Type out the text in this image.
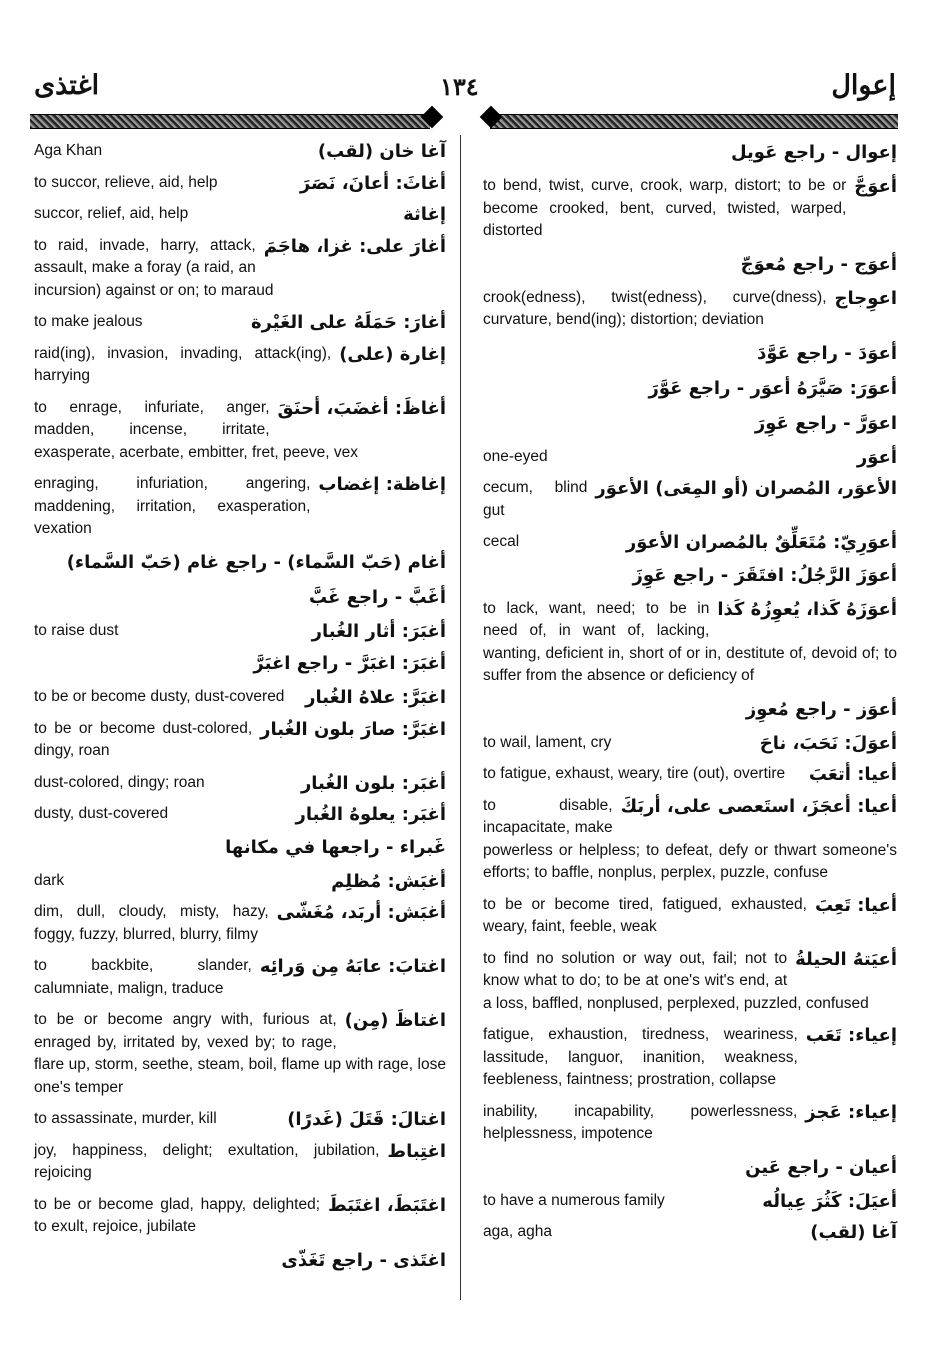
اغتذى	١٣٤	إعوال
آغا خان (لقب)
Aga Khan
أغاثَ: أعانَ، نَصَرَ
to succor, relieve, aid, help
إغاثة
succor, relief, aid, help
أغارَ على: غزا، هاجَمَ
to raid, invade, harry, attack, assault, make a foray (a raid, an incursion) against or on; to maraud
أغارَ: حَمَلَهُ على الغَيْرة
to make jealous
إغارة (على)
raid(ing), invasion, invading, attack(ing), harrying
أغاظَ: أغضَبَ، أحنَقَ
to enrage, infuriate, anger, madden, incense, irritate, exasperate, acerbate, embitter, fret, peeve, vex
إغاظة: إغضاب
enraging, infuriation, angering, maddening, irritation, exasperation, vexation
أغام (حَبّ السَّماء) - راجع غام (حَبّ السَّماء)
أغَبَّ - راجع غَبَّ
أغبَرَ: أثار الغُبار
to raise dust
أغبَرَ: اغبَرَّ - راجع اغبَرَّ
اغبَرَّ: علاهُ الغُبار
to be or become dusty, dust-covered
اغبَرَّ: صارَ بلون الغُبار
to be or become dust-colored, dingy, roan
أغبَر: بلون الغُبار
dust-colored, dingy; roan
أغبَر: يعلوهُ الغُبار
dusty, dust-covered
غَبراء - راجعها في مكانها
أغبَش: مُظلِم
dark
أغبَش: أربَد، مُغَشّى
dim, dull, cloudy, misty, hazy, foggy, fuzzy, blurred, blurry, filmy
اغتابَ: عابَهُ مِن وَرائِه
to backbite, slander, calumniate, malign, traduce
اغتاظَ (مِن)
to be or become angry with, furious at, enraged by, irritated by, vexed by; to rage, flare up, storm, seethe, steam, boil, flame up with rage, lose one's temper
اغتالَ: قَتَلَ (غَدرًا)
to assassinate, murder, kill
اغتِباط
joy, happiness, delight; exultation, jubilation, rejoicing
اغتَبَطَ، اغتَبَطَ
to be or become glad, happy, delighted; to exult, rejoice, jubilate
اغتَذى - راجع تَغَذّى
إعوال - راجع عَويل
أعوَجَّ
to bend, twist, curve, crook, warp, distort; to be or become crooked, bent, curved, twisted, warped, distorted
أعوَج - راجع مُعوَجّ
اعوِجاج
crook(edness), twist(edness), curve(dness), curvature, bend(ing); distortion; deviation
أعوَدَ - راجع عَوَّدَ
أعوَرَ: صَيَّرَهُ أعوَر - راجع عَوَّرَ
اعوَرَّ - راجع عَوِرَ
أعوَر
one-eyed
الأعوَر، المُصران (أو المِعَى) الأعوَر
cecum, blind gut
أعوَرِيّ: مُتَعَلِّقٌ بالمُصران الأعوَر
cecal
أعوَزَ الرَّجُلُ: افتَقَرَ - راجع عَوِزَ
أعوَزَهُ كَذا، يُعوِزُهُ كَذا
to lack, want, need; to be in need of, in want of, lacking, wanting, deficient in, short of or in, destitute of, devoid of; to suffer from the absence or deficiency of
أعوَز - راجع مُعوِز
أعوَلَ: نَحَبَ، ناحَ
to wail, lament, cry
أعيا: أتعَبَ
to fatigue, exhaust, weary, tire (out), overtire
أعيا: أعجَزَ، استَعصى على، أربَكَ
to disable, incapacitate, make powerless or helpless; to defeat, defy or thwart someone's efforts; to baffle, nonplus, perplex, puzzle, confuse
أعيا: تَعِبَ
to be or become tired, fatigued, exhausted, weary, faint, feeble, weak
أعيَتهُ الحيلةُ
to find no solution or way out, fail; not to know what to do; to be at one's wit's end, at a loss, baffled, nonplused, perplexed, puzzled, confused
إعياء: تَعَب
fatigue, exhaustion, tiredness, weariness, lassitude, languor, inanition, weakness, feebleness, faintness; prostration, collapse
إعياء: عَجز
inability, incapability, powerlessness, helplessness, impotence
أعيان - راجع عَين
أعيَلَ: كَثُرَ عِيالُه
to have a numerous family
آغا (لقب)
aga, agha
